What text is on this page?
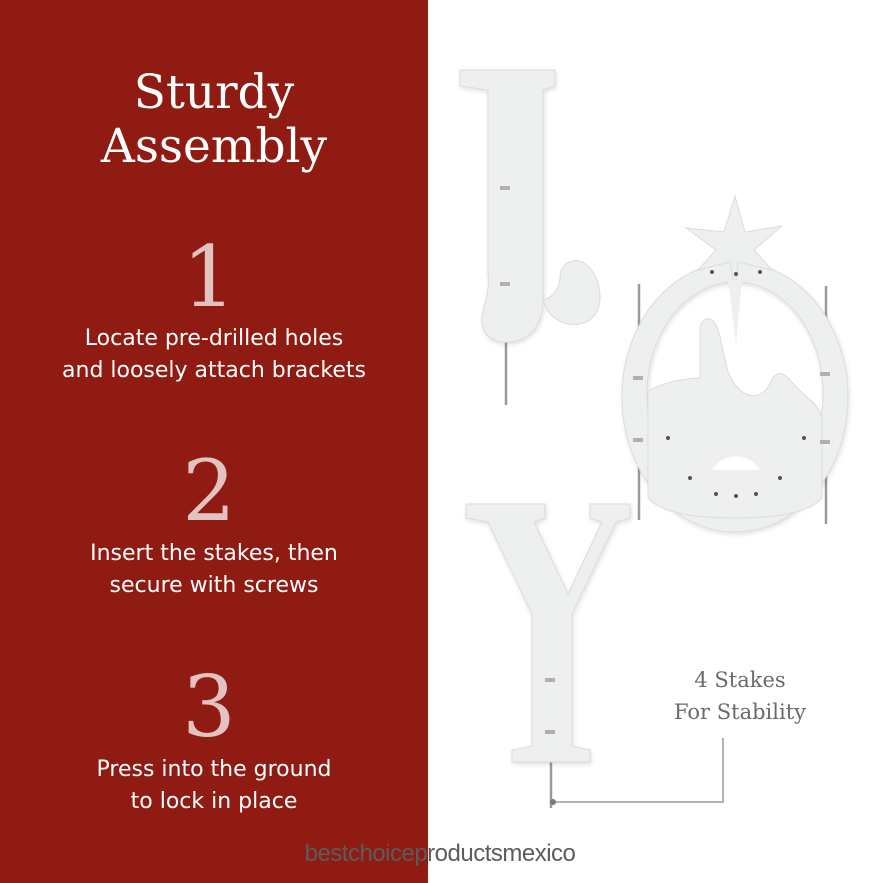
Sturdy
Assembly
1
Locate pre-drilled holes
and loosely attach brackets
2
Insert the stakes, then
secure with screws
3
Press into the ground
to lock in place
4 Stakes
For Stability
bestchoiceproductsmexico
